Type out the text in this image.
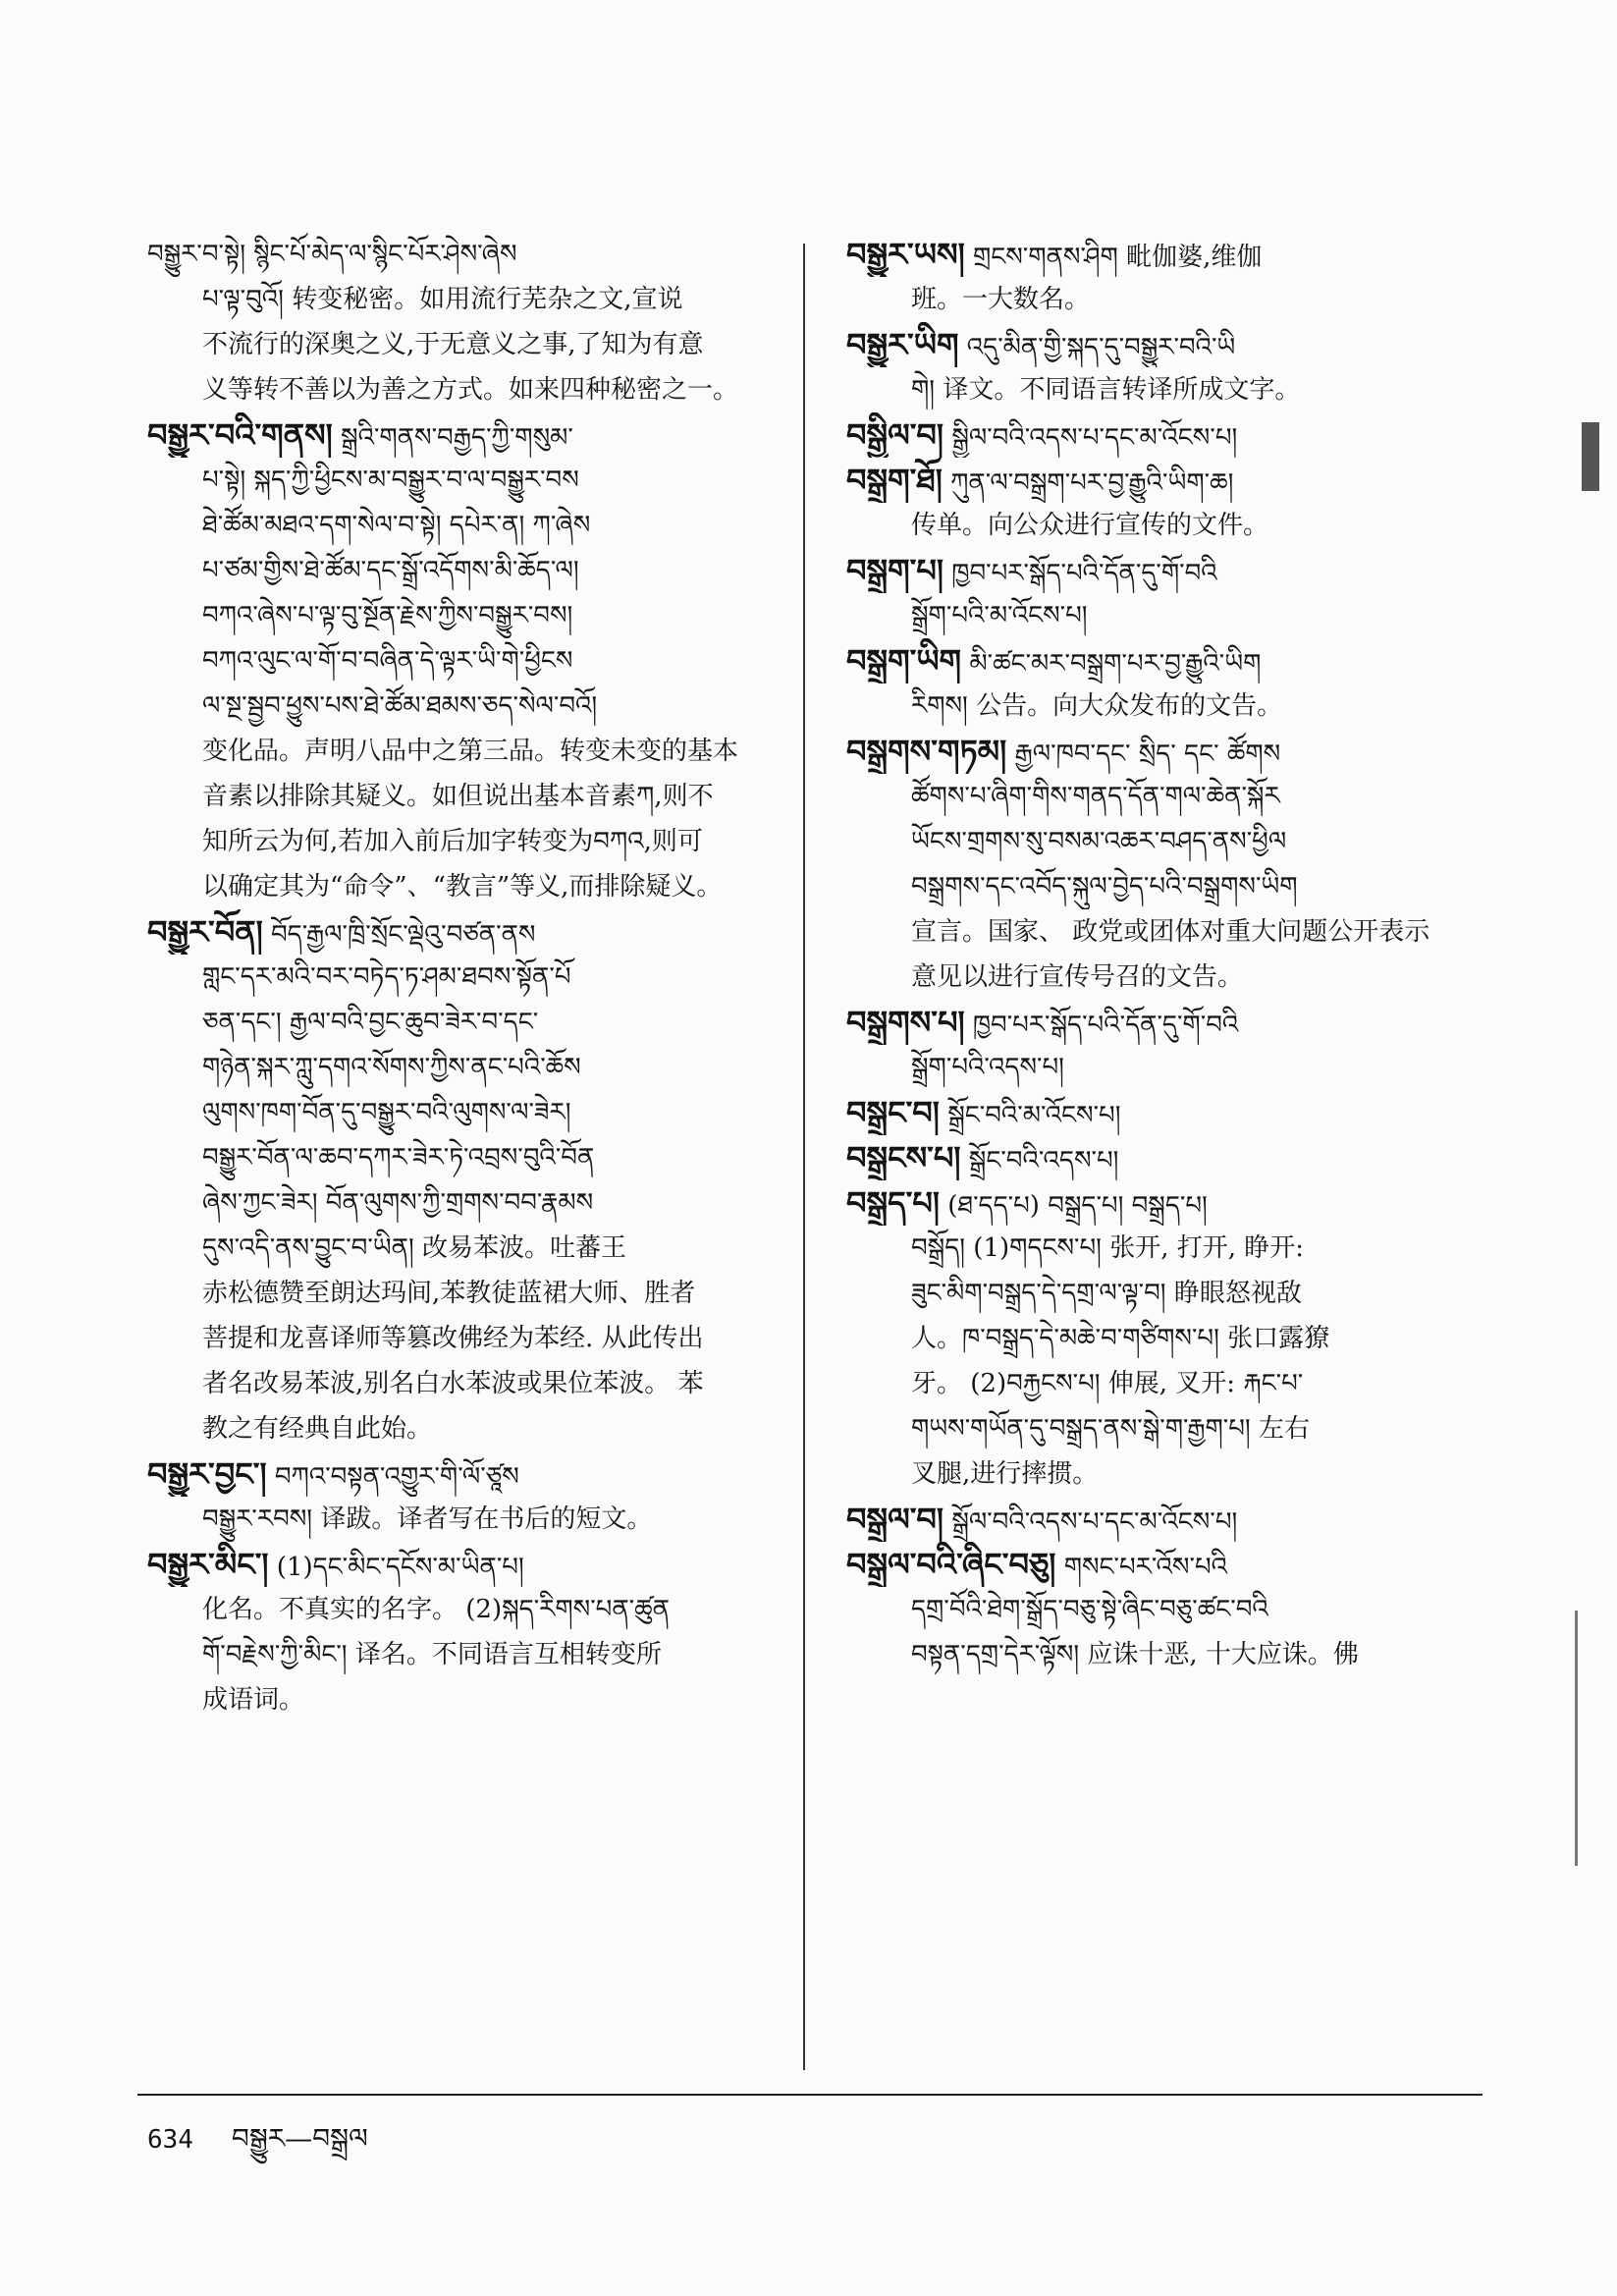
བསྒྱུར་བ་སྟེ། སྙིང་པོ་མེད་ལ་སྙིང་པོར་ཤེས་ཞེས
པ་ལྟ་བུའོ། 转变秘密。如用流行芜杂之文,宣说
不流行的深奥之义,于无意义之事,了知为有意
义等转不善以为善之方式。如来四种秘密之一。
བསྒྱུར་བའི་གནས། སྒྲའི་གནས་བརྒྱད་ཀྱི་གསུམ་
པ་སྟེ། སྐད་ཀྱི་ཕྱིངས་མ་བསྒྱུར་བ་ལ་བསྒྱུར་བས
ཐེ་ཚོམ་མཐའ་དག་སེལ་བ་སྟེ། དཔེར་ན། ཀ་ཞེས
པ་ཙམ་གྱིས་ཐེ་ཚོམ་དང་སྒྲོ་འདོགས་མི་ཆོད་ལ།
བཀའ་ཞེས་པ་ལྟ་བུ་སྔོན་རྗེས་ཀྱིས་བསྒྱུར་བས།
བཀའ་ལུང་ལ་གོ་བ་བཞིན་དེ་ལྟར་ཡི་གེ་ཕྱིངས
ལ་སྔ་སྦྱབ་ཕྱུས་པས་ཐེ་ཚོམ་ཐམས་ཅད་སེལ་བའོ།
变化品。声明八品中之第三品。转变未变的基本
音素以排除其疑义。如但说出基本音素ཀ,则不
知所云为何,若加入前后加字转变为བཀའ,则可
以确定其为“命令”、“教言”等义,而排除疑义。
བསྒྱུར་བོན། བོད་རྒྱལ་ཁྲི་སྲོང་ལྡེའུ་བཙན་ནས
གླང་དར་མའི་བར་བཏེད་ཏ་ཤམ་ཐབས་སྟོན་པོ
ཅན་དང་། རྒྱལ་བའི་བྱང་ཆུབ་ཟེར་བ་དང་
གཉེན་སྐར་ཀླུ་དགའ་སོགས་ཀྱིས་ནང་པའི་ཆོས
ལུགས་ཁག་བོན་དུ་བསྒྱུར་བའི་ལུགས་ལ་ཟེར།
བསྒྱུར་བོན་ལ་ཆབ་དཀར་ཟེར་ཏེ་འབྲས་བུའི་བོན
ཞེས་ཀྱང་ཟེར། བོན་ལུགས་ཀྱི་གྲགས་བབ་རྣམས
དུས་འདི་ནས་བྱུང་བ་ཡིན། 改易苯波。吐蕃王
赤松德赞至朗达玛间,苯教徒蓝裙大师、胜者
菩提和龙喜译师等篡改佛经为苯经. 从此传出
者名改易苯波,别名白水苯波或果位苯波。 苯
教之有经典自此始。
བསྒྱུར་བྱང་། བཀའ་བསྟན་འགྱུར་གི་ལོ་ཙཱས
བསྒྱུར་རབས། 译跋。译者写在书后的短文。
བསྒྱུར་མིང་། (1)དང་མིང་དངོས་མ་ཡིན་པ།
化名。不真实的名字。 (2)སྐད་རིགས་པན་ཚུན
གོ་བརྗེས་ཀྱི་མིང་། 译名。不同语言互相转变所
成语词。
བསྒྱུར་ཡས། གྲངས་གནས་ཤིག 毗伽婆,维伽
班。一大数名。
བསྒྱུར་ཡིག འདུ་མིན་གྱི་སྐད་དུ་བསྒྱུར་བའི་ཡི
གེ། 译文。不同语言转译所成文字。
བསྒྱིལ་བ། སྒྱིལ་བའི་འདས་པ་དང་མ་འོངས་པ།
བསྒྲག་ཐོ། ཀུན་ལ་བསྒྲག་པར་བྱ་རྒྱུའི་ཡིག་ཆ།
传单。向公众进行宣传的文件。
བསྒྲག་པ། ཁྱབ་པར་སྒོད་པའི་དོན་དུ་གོ་བའི
སྒྲོག་པའི་མ་འོངས་པ།
བསྒྲག་ཡིག མི་ཚང་མར་བསྒྲག་པར་བྱ་རྒྱུའི་ཡིག
རིགས། 公告。向大众发布的文告。
བསྒྲགས་གཏམ། རྒྱལ་ཁབ་དང་ སྲིད་ དང་ ཚོགས
ཚོགས་པ་ཞིག་གིས་གནད་དོན་གལ་ཆེན་སྐོར
ཡོངས་གྲགས་སུ་བསམ་འཆར་བཤད་ནས་ཕྱིལ
བསྒྲགས་དང་འབོད་སྐུལ་བྱེད་པའི་བསྒྲགས་ཡིག
宣言。国家、 政党或团体对重大问题公开表示
意见以进行宣传号召的文告。
བསྒྲགས་པ། ཁྱབ་པར་སྒོད་པའི་དོན་དུ་གོ་བའི
སྒྲོག་པའི་འདས་པ།
བསྒྲང་བ། སྒྲོང་བའི་མ་འོངས་པ།
བསྒྲངས་པ། སྒྲོང་བའི་འདས་པ།
བསྒྲད་པ། (ཐ་དད་པ) བསྒྲད་པ། བསྒྲད་པ།
བསྒྲོད། (1)གདངས་པ། 张开, 打开, 睁开:
ཟུང་མིག་བསྒྲད་དེ་དགྲ་ལ་ལྟ་བ། 睁眼怒视敌
人。ཁ་བསྒྲད་དེ་མཆེ་བ་གཙིགས་པ། 张口露獠
牙。 (2)བརྐྱངས་པ། 伸展, 叉开: རྐང་པ་
གཡས་གཡོན་དུ་བསྒྲད་ནས་སྒེ་ག་རྒྱག་པ། 左右
叉腿,进行摔掼。
བསྒྲལ་བ། སྒྲོལ་བའི་འདས་པ་དང་མ་འོངས་པ།
བསྒྲལ་བའི་ཞིང་བཅུ། གསང་པར་འོས་པའི
དགྲ་བོའི་ཐེག་སྒྲོད་བཅུ་སྟེ་ཞིང་བཅུ་ཚང་བའི
བསྟན་དགྲ་དེར་ལྟོས། 应诛十恶, 十大应诛。佛
634 བསྒྱུར—བསྒྲལ
